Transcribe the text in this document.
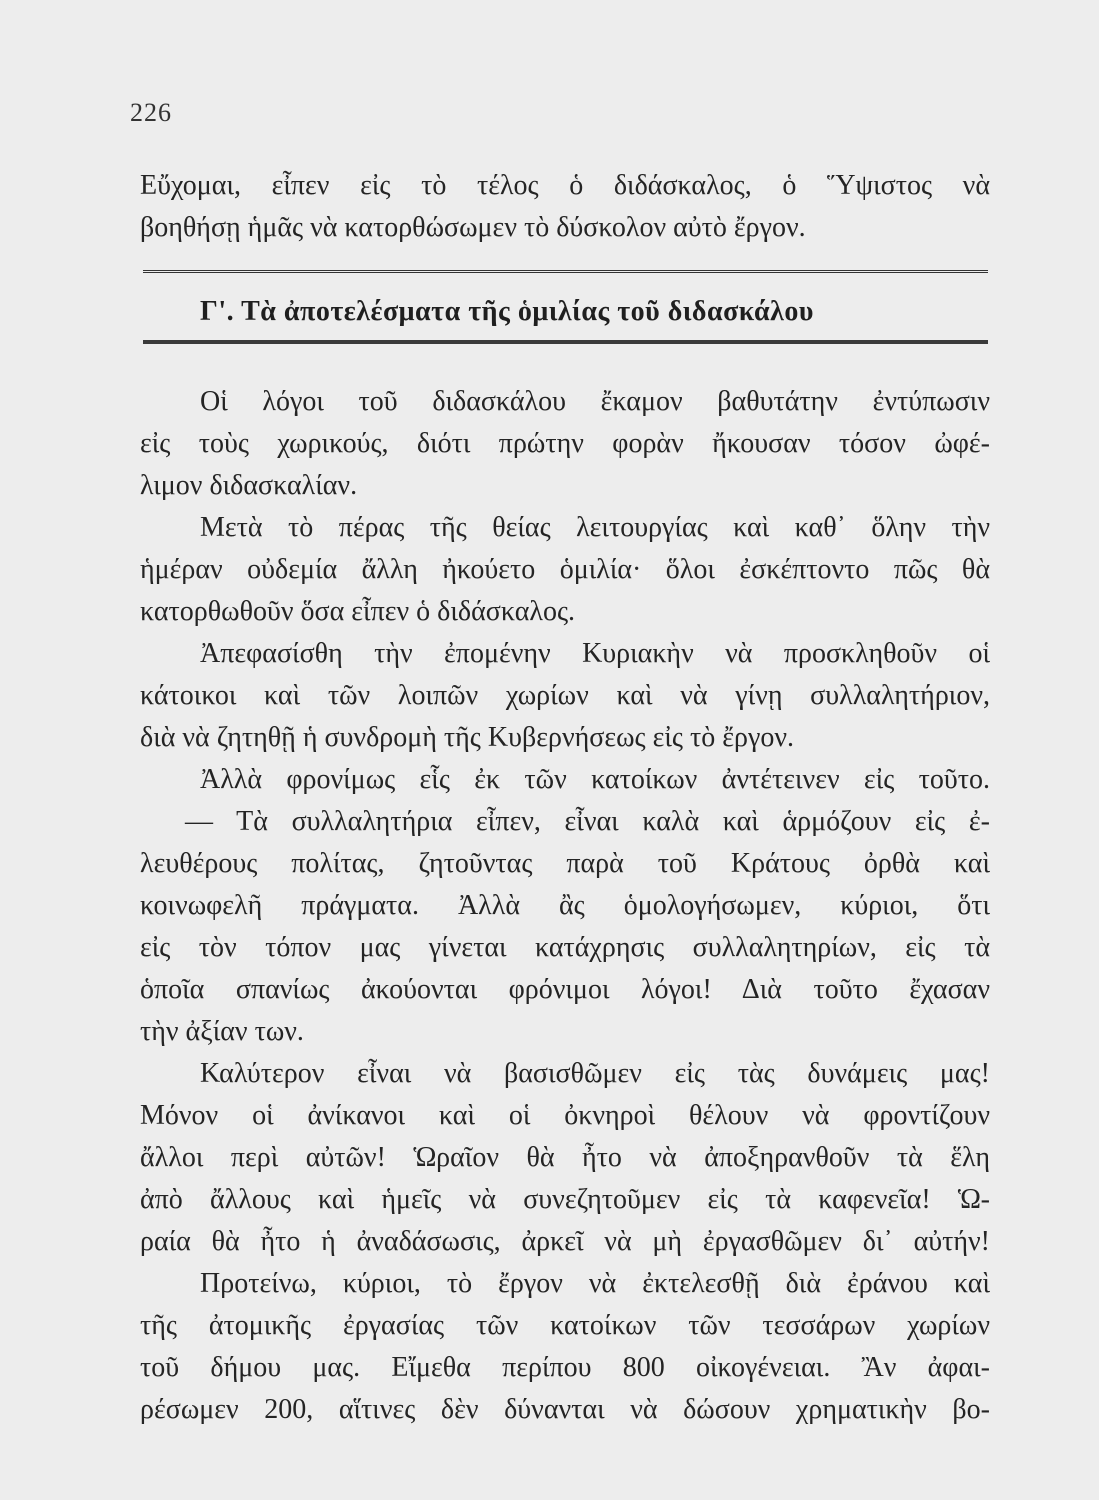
226
Εὔχομαι, εἶπεν εἰς τὸ τέλος ὁ διδάσκαλος, ὁ Ὕψιστος νὰ
βοηθήσῃ ἡμᾶς νὰ κατορθώσωμεν τὸ δύσκολον αὐτὸ ἔργον.
Γ'. Τὰ ἀποτελέσματα τῆς ὁμιλίας τοῦ διδασκάλου
Οἱ λόγοι τοῦ διδασκάλου ἔκαμον βαθυτάτην ἐντύπωσιν
εἰς τοὺς χωρικούς, διότι πρώτην φορὰν ἤκουσαν τόσον ὠφέ-
λιμον διδασκαλίαν.
Μετὰ τὸ πέρας τῆς θείας λειτουργίας καὶ καθ᾽ ὅλην τὴν
ἡμέραν οὐδεμία ἄλλη ἠκούετο ὁμιλία· ὅλοι ἐσκέπτοντο πῶς θὰ
κατορθωθοῦν ὅσα εἶπεν ὁ διδάσκαλος.
Ἀπεφασίσθη τὴν ἐπομένην Κυριακὴν νὰ προσκληθοῦν οἱ
κάτοικοι καὶ τῶν λοιπῶν χωρίων καὶ νὰ γίνῃ συλλαλητήριον,
διὰ νὰ ζητηθῇ ἡ συνδρομὴ τῆς Κυβερνήσεως εἰς τὸ ἔργον.
Ἀλλὰ φρονίμως εἷς ἐκ τῶν κατοίκων ἀντέτεινεν εἰς τοῦτο.
— Τὰ συλλαλητήρια εἶπεν, εἶναι καλὰ καὶ ἁρμόζουν εἰς ἐ-
λευθέρους πολίτας, ζητοῦντας παρὰ τοῦ Κράτους ὀρθὰ καὶ
κοινωφελῆ πράγματα. Ἀλλὰ ἂς ὁμολογήσωμεν, κύριοι, ὅτι
εἰς τὸν τόπον μας γίνεται κατάχρησις συλλαλητηρίων, εἰς τὰ
ὁποῖα σπανίως ἀκούονται φρόνιμοι λόγοι! Διὰ τοῦτο ἔχασαν
τὴν ἀξίαν των.
Καλύτερον εἶναι νὰ βασισθῶμεν εἰς τὰς δυνάμεις μας!
Μόνον οἱ ἀνίκανοι καὶ οἱ ὀκνηροὶ θέλουν νὰ φροντίζουν
ἄλλοι περὶ αὐτῶν! Ὡραῖον θὰ ἦτο νὰ ἀποξηρανθοῦν τὰ ἕλη
ἀπὸ ἄλλους καὶ ἡμεῖς νὰ συνεζητοῦμεν εἰς τὰ καφενεῖα! Ὡ-
ραία θὰ ἦτο ἡ ἀναδάσωσις, ἀρκεῖ νὰ μὴ ἐργασθῶμεν δι᾽ αὐτήν!
Προτείνω, κύριοι, τὸ ἔργον νὰ ἐκτελεσθῇ διὰ ἐράνου καὶ
τῆς ἀτομικῆς ἐργασίας τῶν κατοίκων τῶν τεσσάρων χωρίων
τοῦ δήμου μας. Εἴμεθα περίπου 800 οἰκογένειαι. Ἂν ἀφαι-
ρέσωμεν 200, αἵτινες δὲν δύνανται νὰ δώσουν χρηματικὴν βο-
